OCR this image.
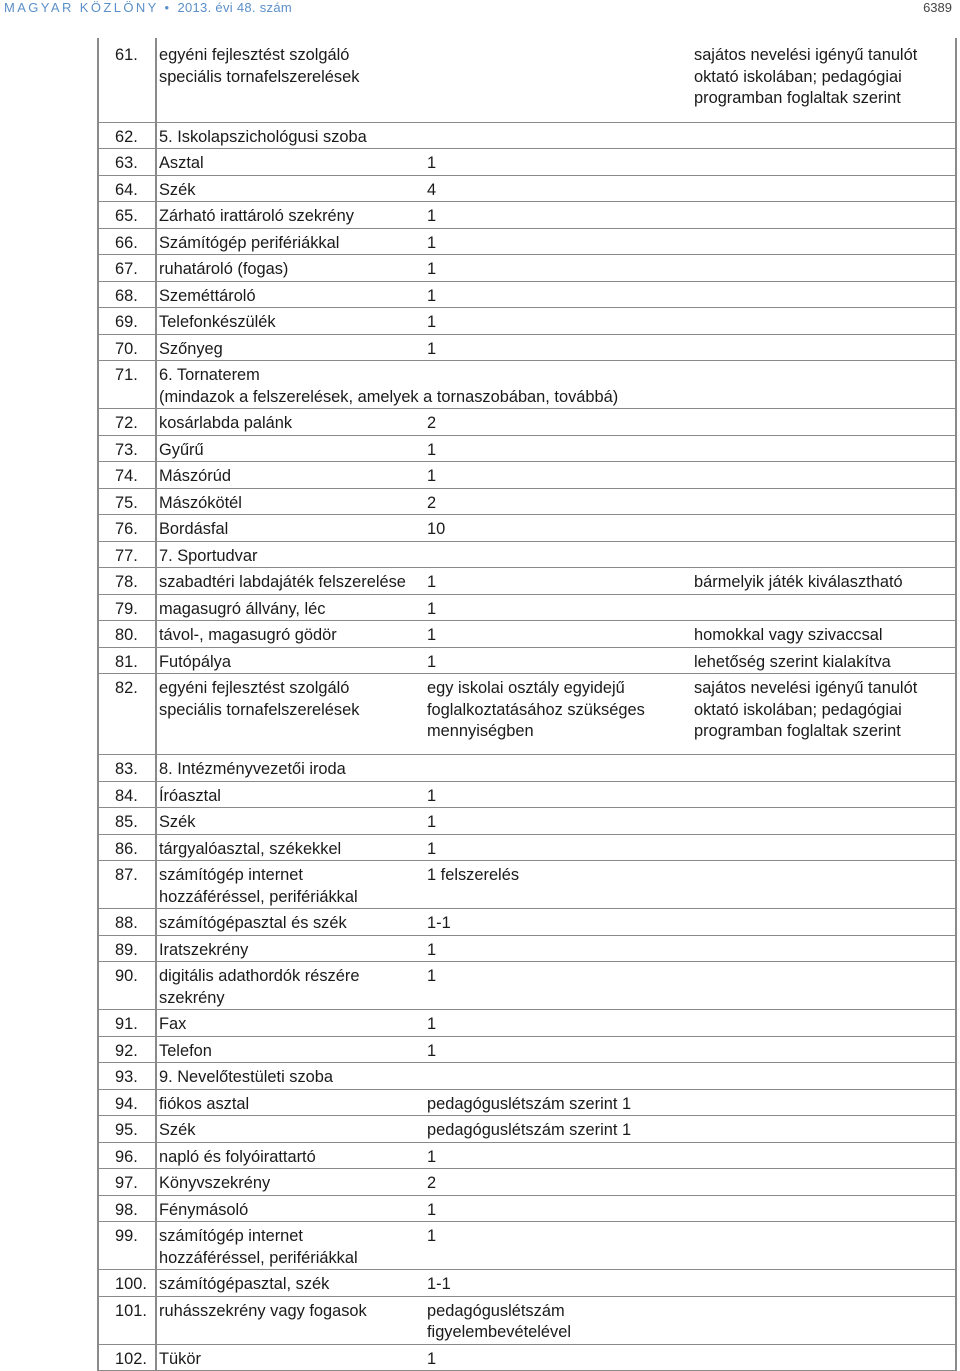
MAGYAR KÖZLÖNY • 2013. évi 48. szám	6389
61.	egyéni fejlesztést szolgáló
speciális tornafelszerelések		sajátos nevelési igényű tanulót
oktató iskolában; pedagógiai
programban foglaltak szerint
62.	5. Iskolapszichológusi szoba		
63.	Asztal	1	
64.	Szék	4	
65.	Zárható irattároló szekrény	1	
66.	Számítógép perifériákkal	1	
67.	ruhatároló (fogas)	1	
68.	Szeméttároló	1	
69.	Telefonkészülék	1	
70.	Szőnyeg	1	
71.	6. Tornaterem
(mindazok a felszerelések, amelyek a tornaszobában, továbbá)		
72.	kosárlabda palánk	2	
73.	Gyűrű	1	
74.	Mászórúd	1	
75.	Mászókötél	2	
76.	Bordásfal	10	
77.	7. Sportudvar		
78.	szabadtéri labdajáték felszerelése	1	bármelyik játék kiválasztható
79.	magasugró állvány, léc	1	
80.	távol-, magasugró gödör	1	homokkal vagy szivaccsal
81.	Futópálya	1	lehetőség szerint kialakítva
82.	egyéni fejlesztést szolgáló
speciális tornafelszerelések	egy iskolai osztály egyidejű
foglalkoztatásához szükséges
mennyiségben	sajátos nevelési igényű tanulót
oktató iskolában; pedagógiai
programban foglaltak szerint
83.	8. Intézményvezetői iroda		
84.	Íróasztal	1	
85.	Szék	1	
86.	tárgyalóasztal, székekkel	1	
87.	számítógép internet
hozzáféréssel, perifériákkal	1 felszerelés	
88.	számítógépasztal és szék	1-1	
89.	Iratszekrény	1	
90.	digitális adathordók részére
szekrény	1	
91.	Fax	1	
92.	Telefon	1	
93.	9. Nevelőtestületi szoba		
94.	fiókos asztal	pedagóguslétszám szerint 1	
95.	Szék	pedagóguslétszám szerint 1	
96.	napló és folyóirattartó	1	
97.	Könyvszekrény	2	
98.	Fénymásoló	1	
99.	számítógép internet
hozzáféréssel, perifériákkal	1	
100.	számítógépasztal, szék	1-1	
101.	ruhásszekrény vagy fogasok	pedagóguslétszám
figyelembevételével	
102.	Tükör	1	
